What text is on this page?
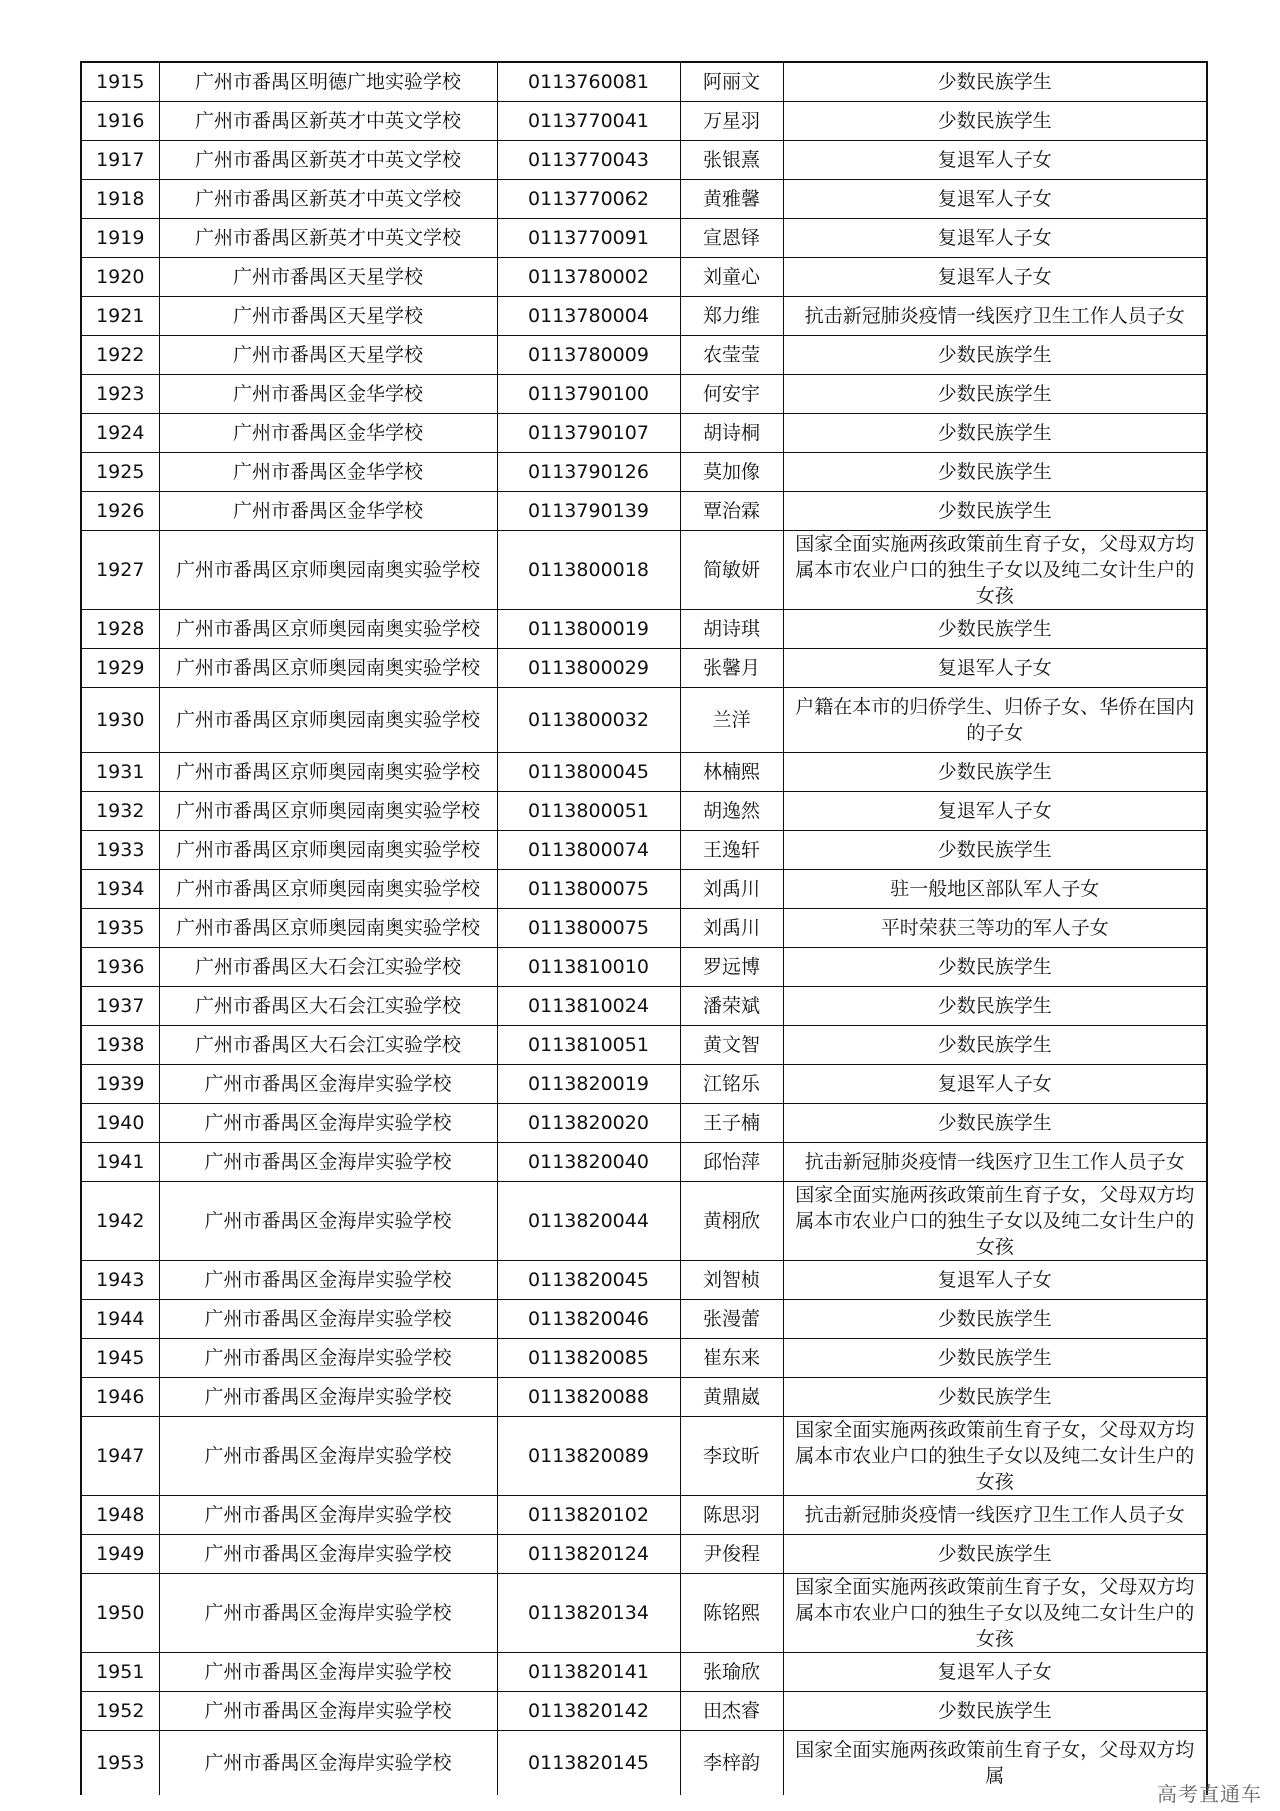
1915	广州市番禺区明德广地实验学校	0113760081	阿丽文	少数民族学生
1916	广州市番禺区新英才中英文学校	0113770041	万星羽	少数民族学生
1917	广州市番禺区新英才中英文学校	0113770043	张银熹	复退军人子女
1918	广州市番禺区新英才中英文学校	0113770062	黄雅馨	复退军人子女
1919	广州市番禺区新英才中英文学校	0113770091	宣恩铎	复退军人子女
1920	广州市番禺区天星学校	0113780002	刘童心	复退军人子女
1921	广州市番禺区天星学校	0113780004	郑力维	抗击新冠肺炎疫情一线医疗卫生工作人员子女
1922	广州市番禺区天星学校	0113780009	农莹莹	少数民族学生
1923	广州市番禺区金华学校	0113790100	何安宇	少数民族学生
1924	广州市番禺区金华学校	0113790107	胡诗桐	少数民族学生
1925	广州市番禺区金华学校	0113790126	莫加像	少数民族学生
1926	广州市番禺区金华学校	0113790139	覃治霖	少数民族学生
1927	广州市番禺区京师奥园南奥实验学校	0113800018	简敏妍	国家全面实施两孩政策前生育子女，父母双方均属本市农业户口的独生子女以及纯二女计生户的女孩
1928	广州市番禺区京师奥园南奥实验学校	0113800019	胡诗琪	少数民族学生
1929	广州市番禺区京师奥园南奥实验学校	0113800029	张馨月	复退军人子女
1930	广州市番禺区京师奥园南奥实验学校	0113800032	兰洋	户籍在本市的归侨学生、归侨子女、华侨在国内的子女
1931	广州市番禺区京师奥园南奥实验学校	0113800045	林楠熙	少数民族学生
1932	广州市番禺区京师奥园南奥实验学校	0113800051	胡逸然	复退军人子女
1933	广州市番禺区京师奥园南奥实验学校	0113800074	王逸轩	少数民族学生
1934	广州市番禺区京师奥园南奥实验学校	0113800075	刘禹川	驻一般地区部队军人子女
1935	广州市番禺区京师奥园南奥实验学校	0113800075	刘禹川	平时荣获三等功的军人子女
1936	广州市番禺区大石会江实验学校	0113810010	罗远博	少数民族学生
1937	广州市番禺区大石会江实验学校	0113810024	潘荣斌	少数民族学生
1938	广州市番禺区大石会江实验学校	0113810051	黄文智	少数民族学生
1939	广州市番禺区金海岸实验学校	0113820019	江铭乐	复退军人子女
1940	广州市番禺区金海岸实验学校	0113820020	王子楠	少数民族学生
1941	广州市番禺区金海岸实验学校	0113820040	邱怡萍	抗击新冠肺炎疫情一线医疗卫生工作人员子女
1942	广州市番禺区金海岸实验学校	0113820044	黄栩欣	国家全面实施两孩政策前生育子女，父母双方均属本市农业户口的独生子女以及纯二女计生户的女孩
1943	广州市番禺区金海岸实验学校	0113820045	刘智桢	复退军人子女
1944	广州市番禺区金海岸实验学校	0113820046	张漫蕾	少数民族学生
1945	广州市番禺区金海岸实验学校	0113820085	崔东来	少数民族学生
1946	广州市番禺区金海岸实验学校	0113820088	黄鼎崴	少数民族学生
1947	广州市番禺区金海岸实验学校	0113820089	李玟昕	国家全面实施两孩政策前生育子女，父母双方均属本市农业户口的独生子女以及纯二女计生户的女孩
1948	广州市番禺区金海岸实验学校	0113820102	陈思羽	抗击新冠肺炎疫情一线医疗卫生工作人员子女
1949	广州市番禺区金海岸实验学校	0113820124	尹俊程	少数民族学生
1950	广州市番禺区金海岸实验学校	0113820134	陈铭熙	国家全面实施两孩政策前生育子女，父母双方均属本市农业户口的独生子女以及纯二女计生户的女孩
1951	广州市番禺区金海岸实验学校	0113820141	张瑜欣	复退军人子女
1952	广州市番禺区金海岸实验学校	0113820142	田杰睿	少数民族学生
1953	广州市番禺区金海岸实验学校	0113820145	李梓韵	国家全面实施两孩政策前生育子女，父母双方均属
高考直通车
